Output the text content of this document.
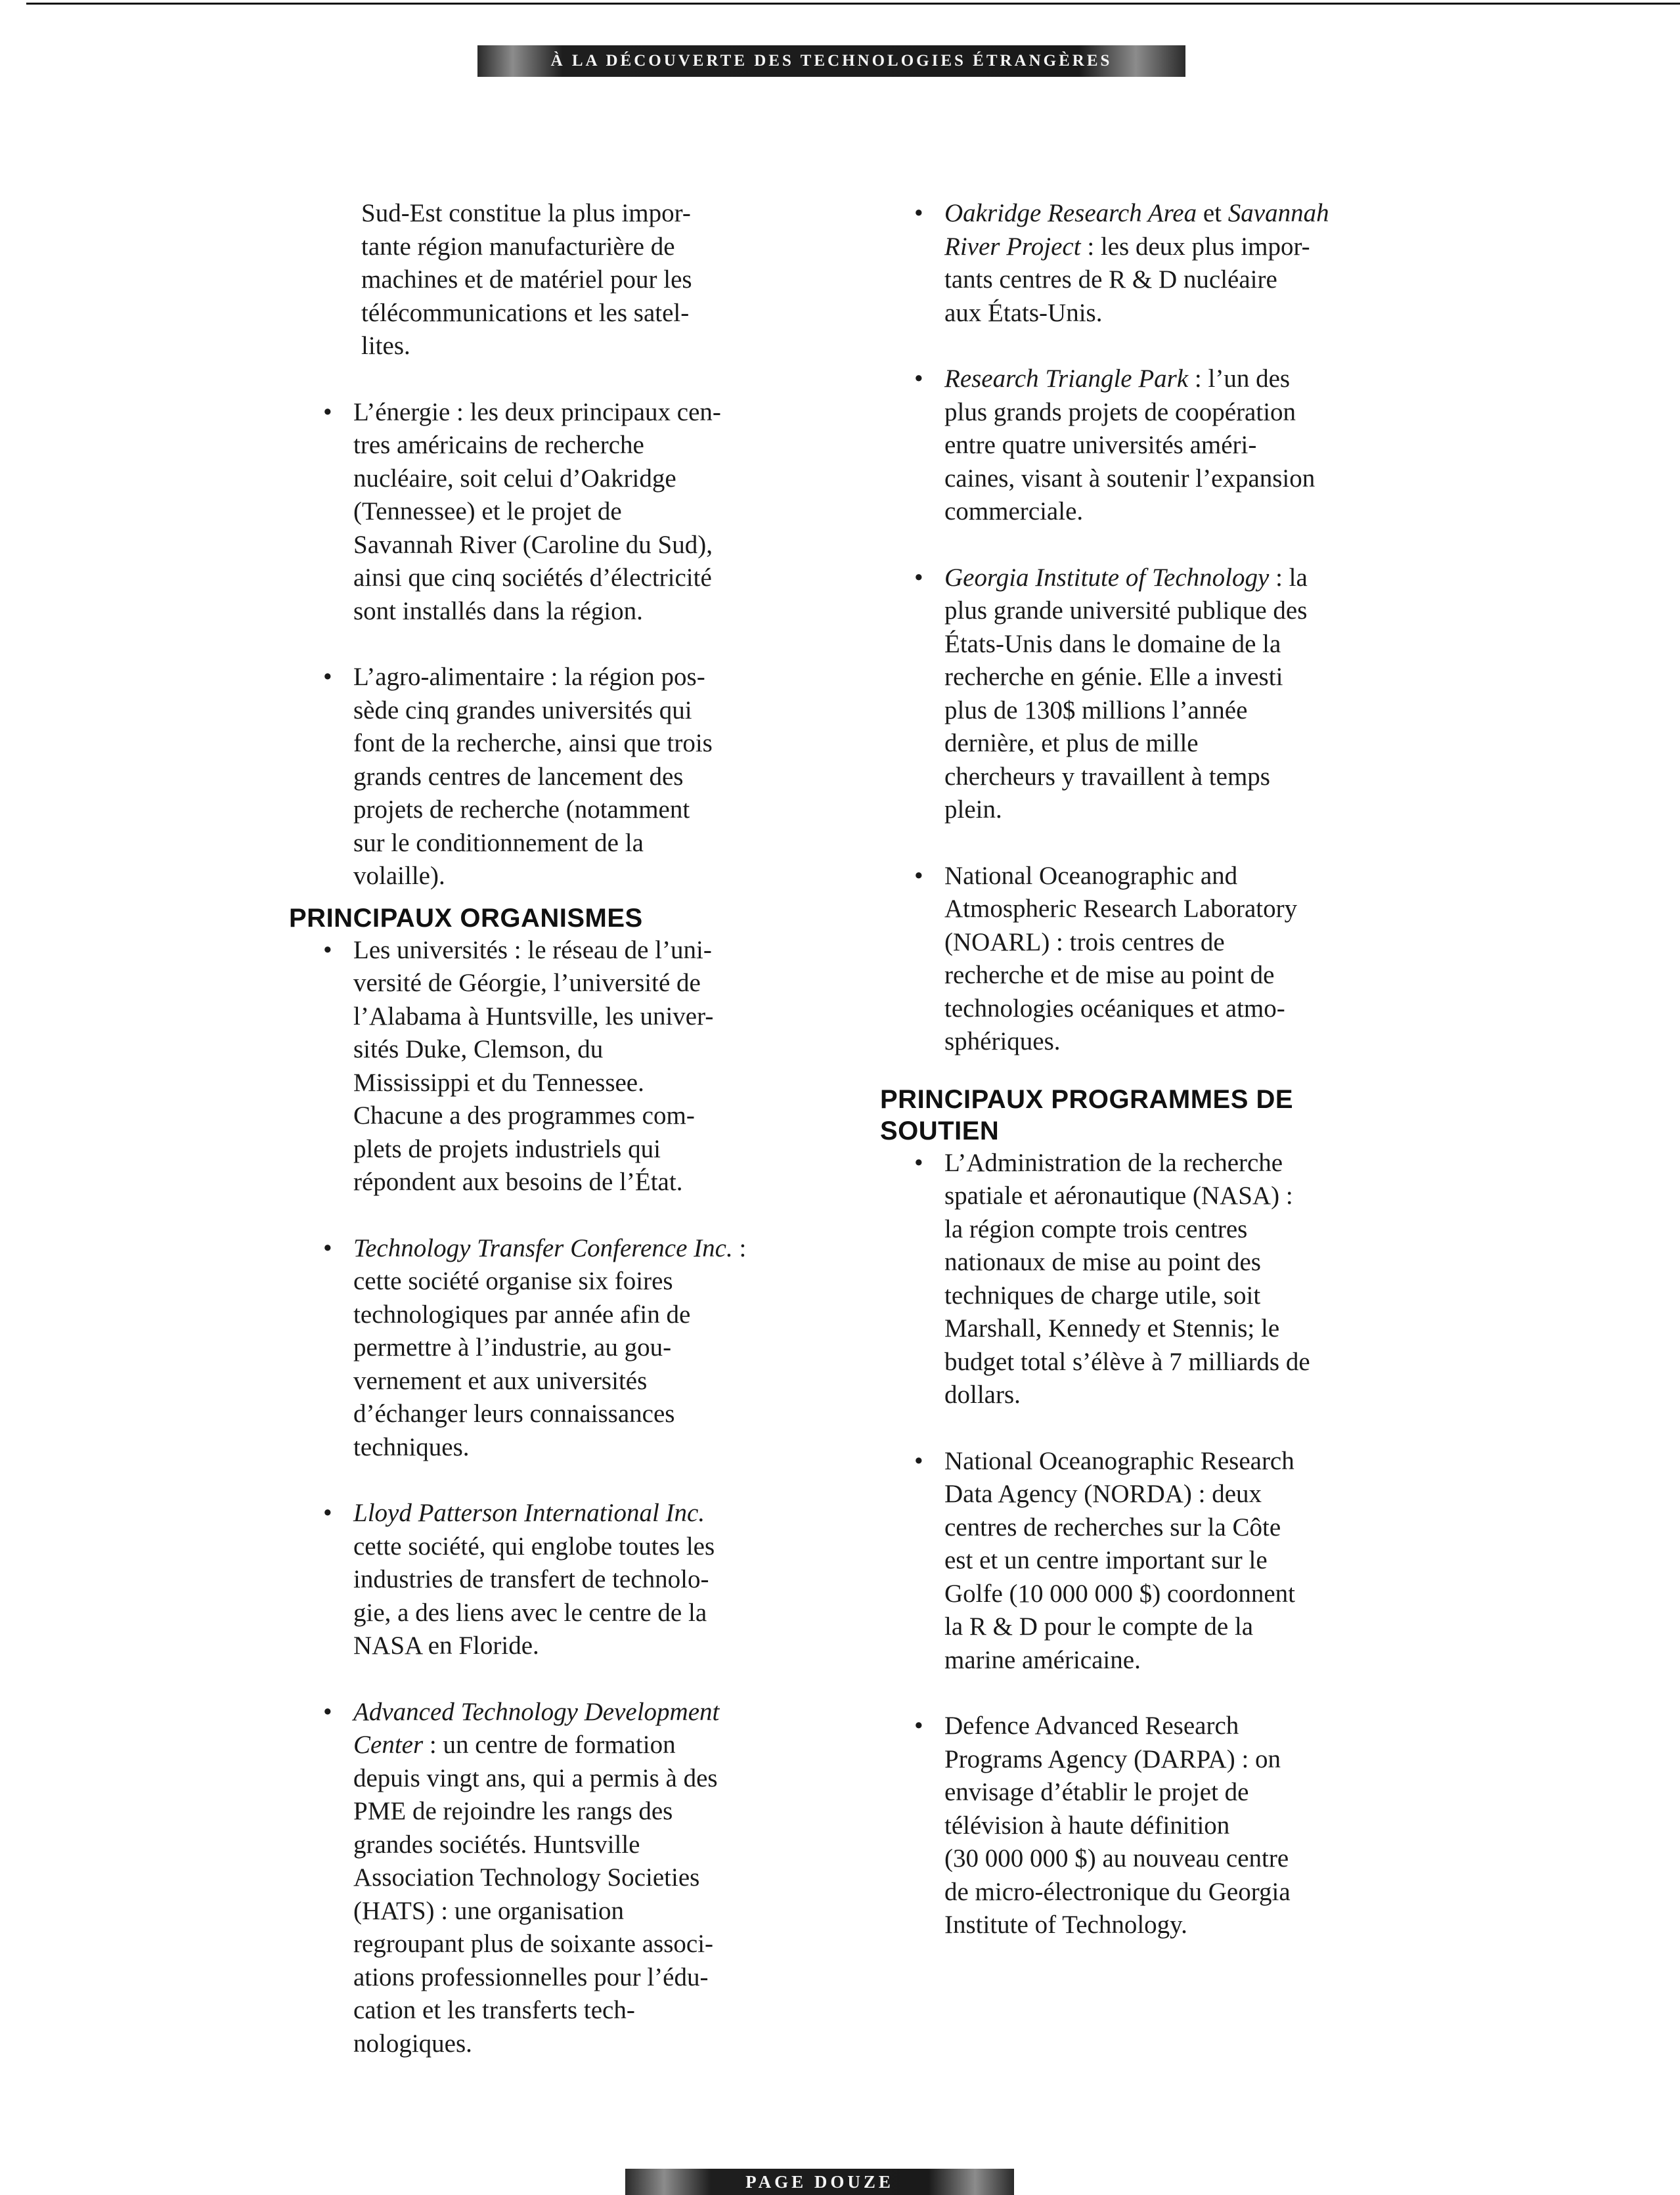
À LA DÉCOUVERTE DES TECHNOLOGIES ÉTRANGÈRES
Sud-Est constitue la plus impor-
tante région manufacturière de
machines et de matériel pour les
télécommunications et les satel-
lites.
• L’énergie : les deux principaux cen-
tres américains de recherche
nucléaire, soit celui d’Oakridge
(Tennessee) et le projet de
Savannah River (Caroline du Sud),
ainsi que cinq sociétés d’électricité
sont installés dans la région.
• L’agro-alimentaire : la région pos-
sède cinq grandes universités qui
font de la recherche, ainsi que trois
grands centres de lancement des
projets de recherche (notamment
sur le conditionnement de la
volaille).
PRINCIPAUX ORGANISMES
• Les universités : le réseau de l’uni-
versité de Géorgie, l’université de
l’Alabama à Huntsville, les univer-
sités Duke, Clemson, du
Mississippi et du Tennessee.
Chacune a des programmes com-
plets de projets industriels qui
répondent aux besoins de l’État.
• Technology Transfer Conference Inc. :
cette société organise six foires
technologiques par année afin de
permettre à l’industrie, au gou-
vernement et aux universités
d’échanger leurs connaissances
techniques.
• Lloyd Patterson International Inc.
cette société, qui englobe toutes les
industries de transfert de technolo-
gie, a des liens avec le centre de la
NASA en Floride.
• Advanced Technology Development
Center : un centre de formation
depuis vingt ans, qui a permis à des
PME de rejoindre les rangs des
grandes sociétés. Huntsville
Association Technology Societies
(HATS) : une organisation
regroupant plus de soixante associ-
ations professionnelles pour l’édu-
cation et les transferts tech-
nologiques.
• Oakridge Research Area et Savannah
River Project : les deux plus impor-
tants centres de R & D nucléaire
aux États-Unis.
• Research Triangle Park : l’un des
plus grands projets de coopération
entre quatre universités améri-
caines, visant à soutenir l’expansion
commerciale.
• Georgia Institute of Technology : la
plus grande université publique des
États-Unis dans le domaine de la
recherche en génie. Elle a investi
plus de 130$ millions l’année
dernière, et plus de mille
chercheurs y travaillent à temps
plein.
• National Oceanographic and
Atmospheric Research Laboratory
(NOARL) : trois centres de
recherche et de mise au point de
technologies océaniques et atmo-
sphériques.
PRINCIPAUX PROGRAMMES DE
SOUTIEN
• L’Administration de la recherche
spatiale et aéronautique (NASA) :
la région compte trois centres
nationaux de mise au point des
techniques de charge utile, soit
Marshall, Kennedy et Stennis; le
budget total s’élève à 7 milliards de
dollars.
• National Oceanographic Research
Data Agency (NORDA) : deux
centres de recherches sur la Côte
est et un centre important sur le
Golfe (10 000 000 $) coordonnent
la R & D pour le compte de la
marine américaine.
• Defence Advanced Research
Programs Agency (DARPA) : on
envisage d’établir le projet de
télévision à haute définition
(30 000 000 $) au nouveau centre
de micro-électronique du Georgia
Institute of Technology.
PAGE DOUZE
